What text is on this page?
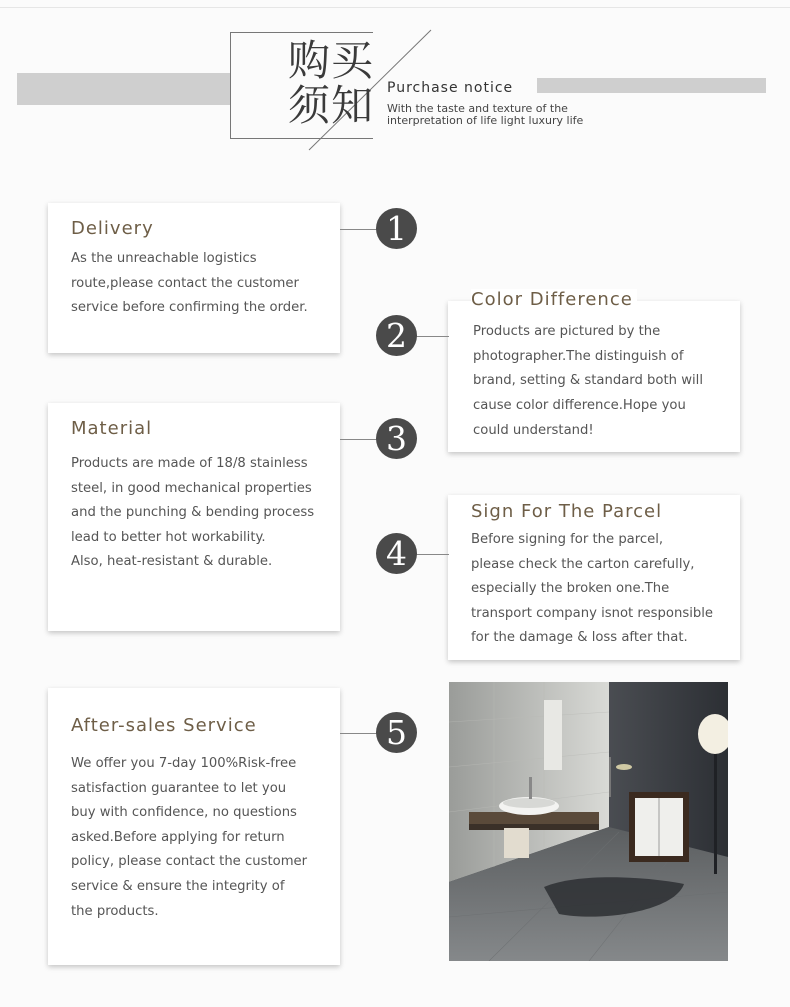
购买
须知 Purchase notice
With the taste and texture of the
interpretation of life light luxury life
Delivery
As the unreachable logistics
route,please contact the customer
service before confirming the order.
1
Color Difference
Products are pictured by the
photographer.The distinguish of
brand, setting & standard both will
cause color difference.Hope you
could understand!
2
Material
Products are made of 18/8 stainless
steel, in good mechanical properties
and the punching & bending process
lead to better hot workability.
Also, heat-resistant & durable.
3
Sign For The Parcel
Before signing for the parcel,
please check the carton carefully,
especially the broken one.The
transport company isnot responsible
for the damage & loss after that.
4
After-sales Service
We offer you 7-day 100%Risk-free
satisfaction guarantee to let you
buy with confidence, no questions
asked.Before applying for return
policy, please contact the customer
service & ensure the integrity of
the products.
5
